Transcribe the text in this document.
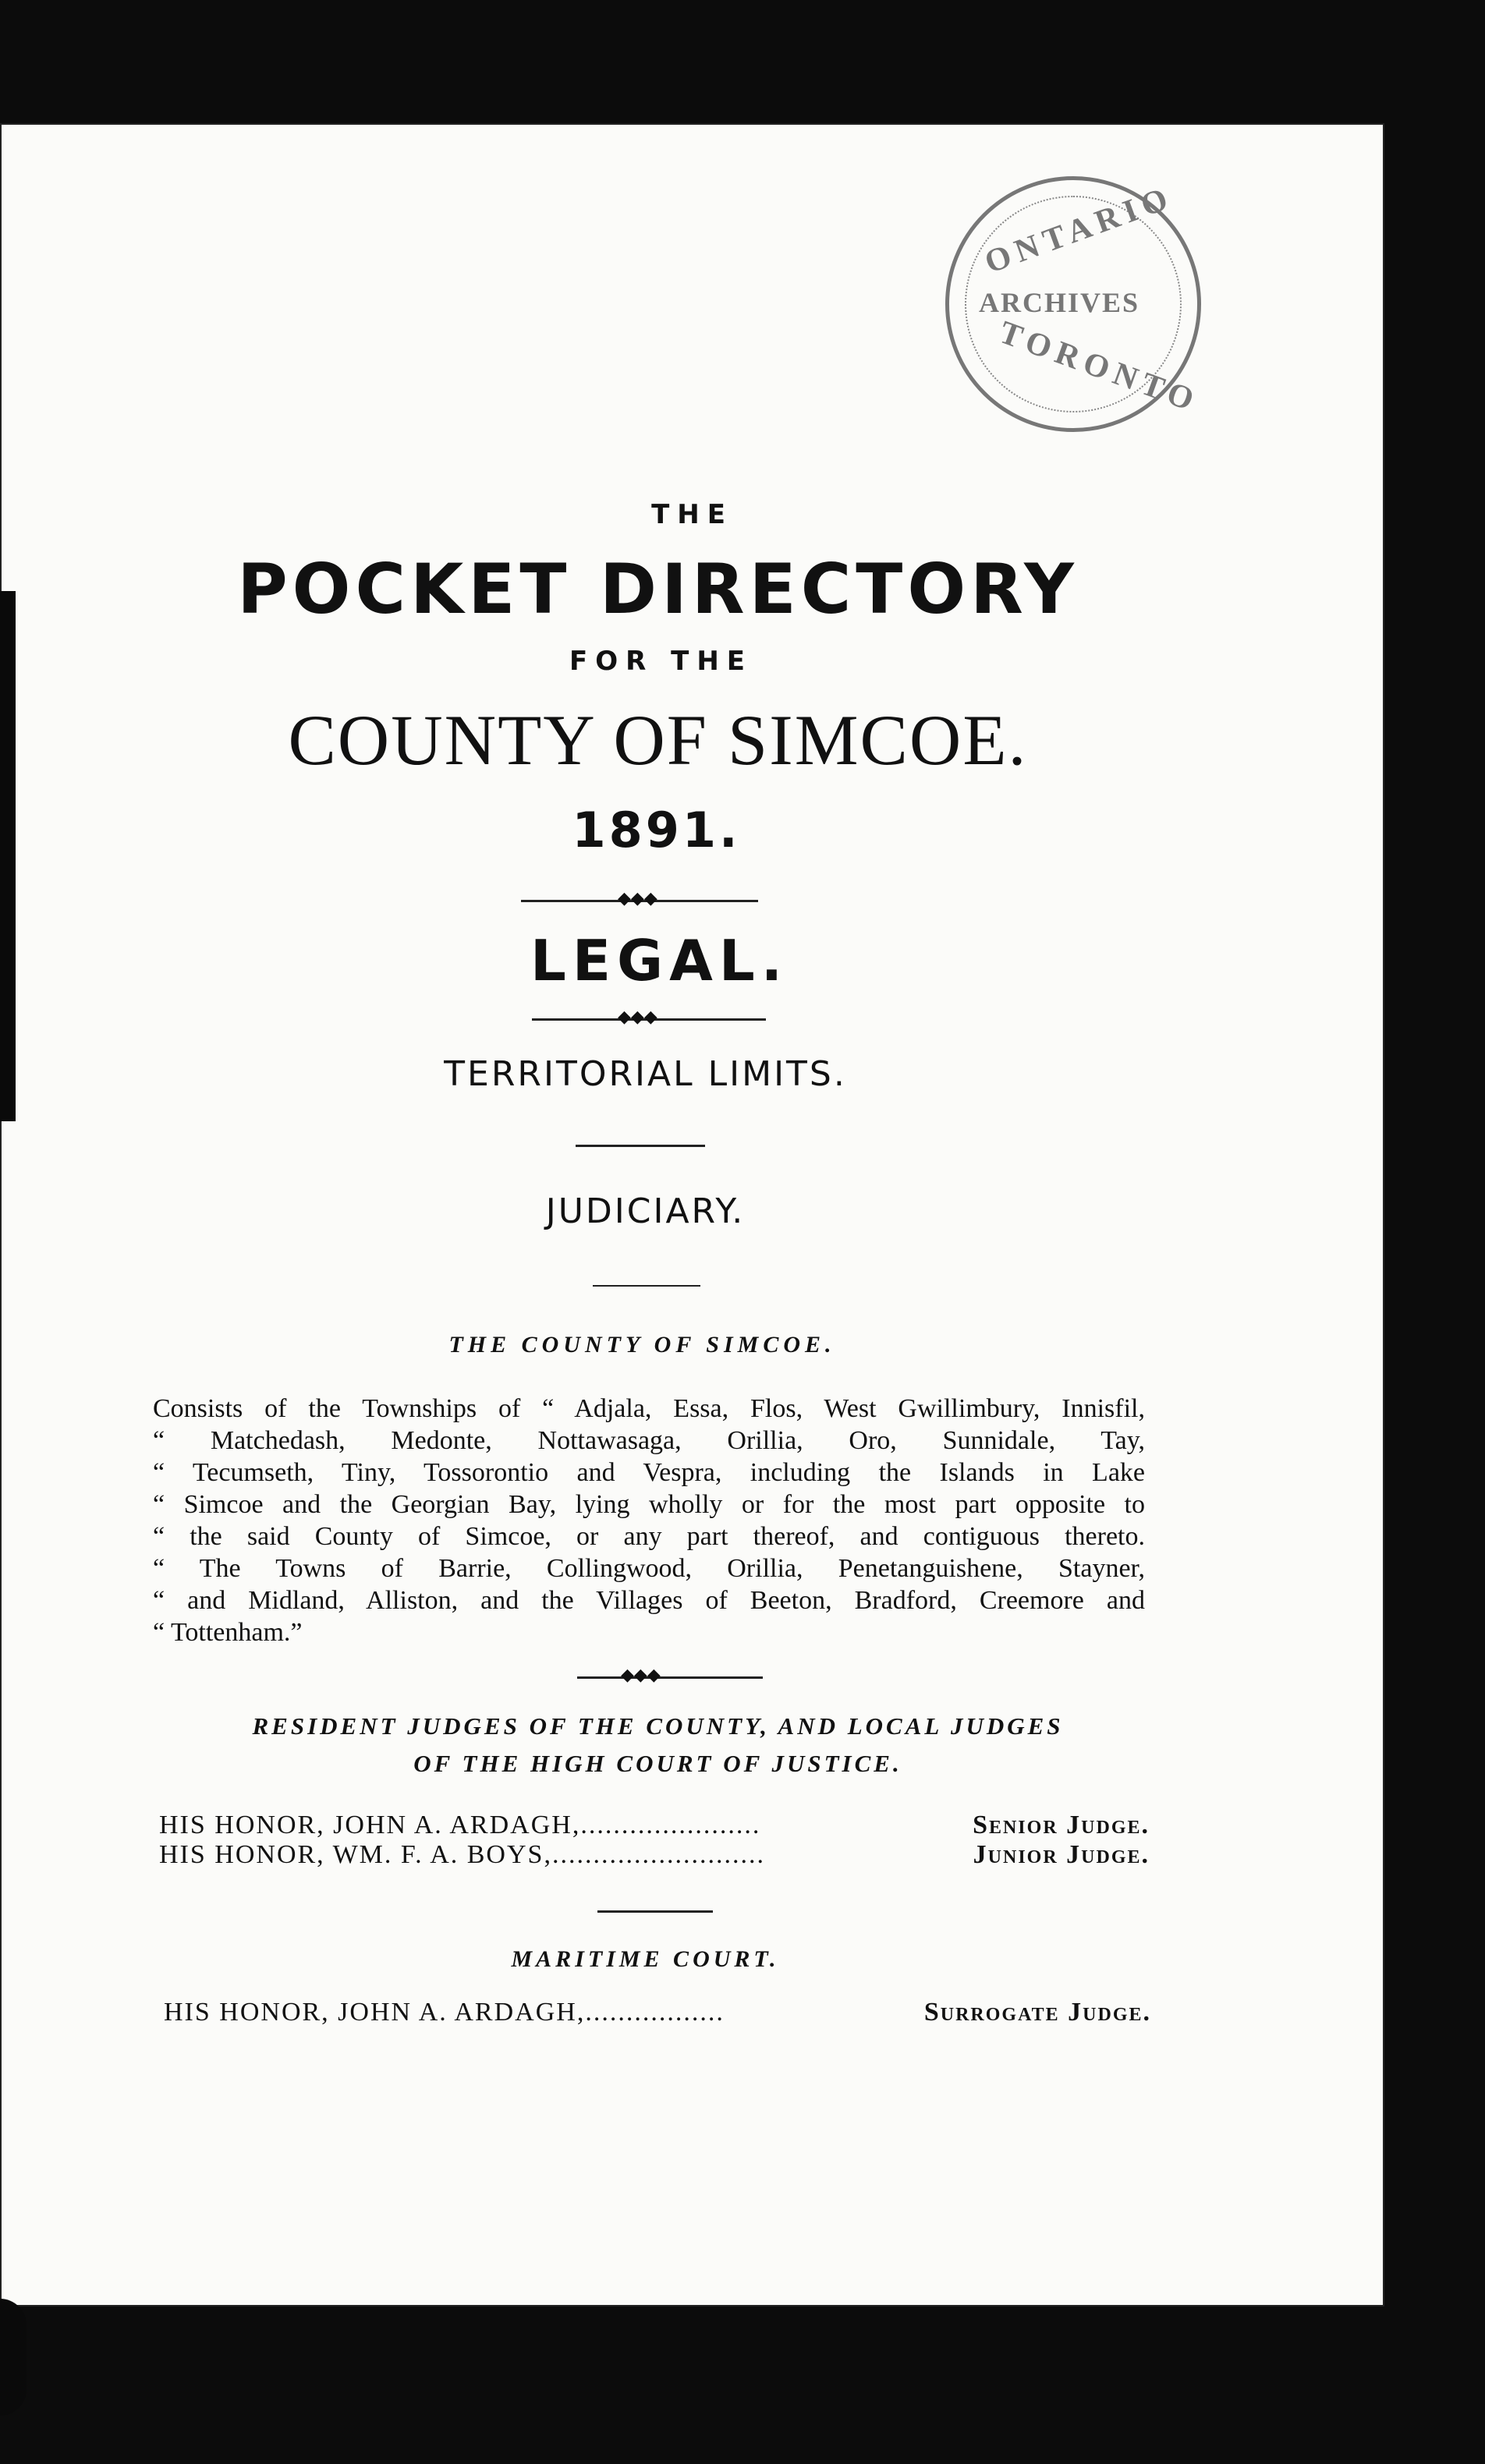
ONTARIO
ARCHIVES
TORONTO
THE
POCKET DIRECTORY
FOR THE
COUNTY OF SIMCOE.
1891.
◆◆◆
LEGAL.
◆◆◆
TERRITORIAL LIMITS.
JUDICIARY.
THE COUNTY OF SIMCOE.
Consists of the Townships of “ Adjala, Essa, Flos, West Gwillimbury, Innisfil,
“ Matchedash, Medonte, Nottawasaga, Orillia, Oro, Sunnidale, Tay,
“ Tecumseth, Tiny, Tossorontio and Vespra, including the Islands in Lake
“ Simcoe and the Georgian Bay, lying wholly or for the most part opposite to
“ the said County of Simcoe, or any part thereof, and contiguous thereto.
“ The Towns of Barrie, Collingwood, Orillia, Penetanguishene, Stayner,
“ and Midland, Alliston, and the Villages of Beeton, Bradford, Creemore and
“ Tottenham.”
◆◆◆
RESIDENT JUDGES OF THE COUNTY, AND LOCAL JUDGES
OF THE HIGH COURT OF JUSTICE.
HIS HONOR, JOHN A. ARDAGH, ......................	Senior Judge.
HIS HONOR, WM. F. A. BOYS, ..........................	Junior Judge.
MARITIME COURT.
HIS HONOR, JOHN A. ARDAGH, .................	Surrogate Judge.
